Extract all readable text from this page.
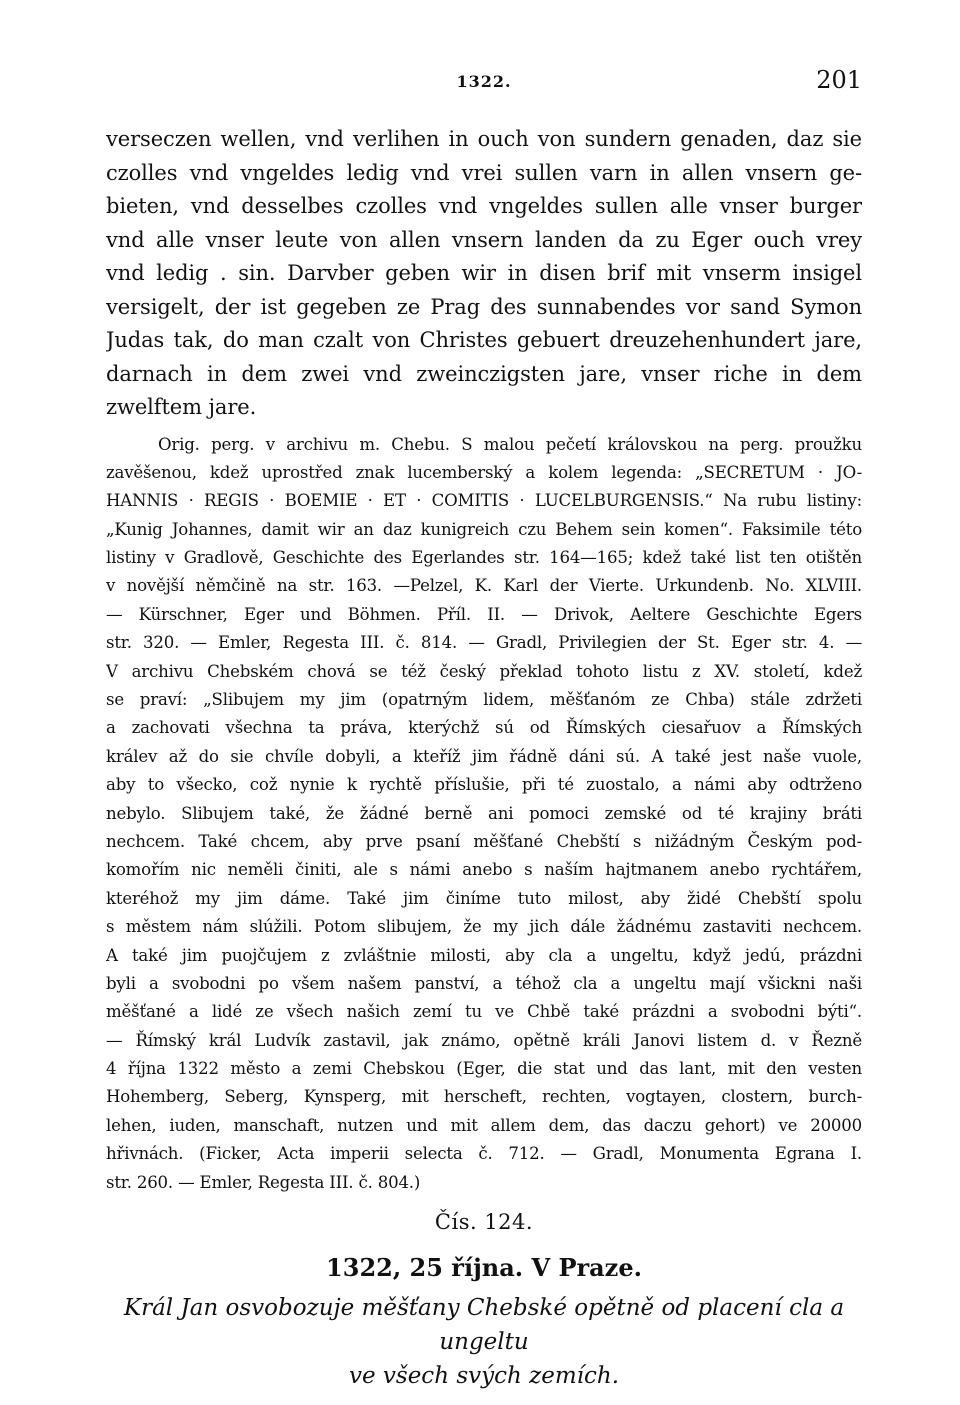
1322.	201
verseczen wellen, vnd verlihen in ouch von sundern genaden, daz sie
czolles vnd vngeldes ledig vnd vrei sullen varn in allen vnsern ge-
bieten, vnd desselbes czolles vnd vngeldes sullen alle vnser burger
vnd alle vnser leute von allen vnsern landen da zu Eger ouch vrey
vnd ledig . sin. Darvber geben wir in disen brif mit vnserm insigel
versigelt, der ist gegeben ze Prag des sunnabendes vor sand Symon
Judas tak, do man czalt von Christes gebuert dreuzehenhundert jare,
darnach in dem zwei vnd zweinczigsten jare, vnser riche in dem
zwelftem jare.
Orig. perg. v archivu m. Chebu. S malou pečetí královskou na perg. proužku
zavěšenou, kdež uprostřed znak lucemberský a kolem legenda: „SECRETUM · JO-
HANNIS · REGIS · BOEMIE · ET · COMITIS · LUCELBURGENSIS.“ Na rubu listiny:
„Kunig Johannes, damit wir an daz kunigreich czu Behem sein komen“. Faksimile této
listiny v Gradlově, Geschichte des Egerlandes str. 164—165; kdež také list ten otištěn
v novější němčině na str. 163. —Pelzel, K. Karl der Vierte. Urkundenb. No. XLVIII.
— Kürschner, Eger und Böhmen. Příl. II. — Drivok, Aeltere Geschichte Egers
str. 320. — Emler, Regesta III. č. 814. — Gradl, Privilegien der St. Eger str. 4. —
V archivu Chebském chová se též český překlad tohoto listu z XV. století, kdež
se praví: „Slibujem my jim (opatrným lidem, měšťanóm ze Chba) stále zdržeti
a zachovati všechna ta práva, kterýchž sú od Římských ciesařuov a Římských
králev až do sie chvíle dobyli, a kteříž jim řádně dáni sú. A také jest naše vuole,
aby to všecko, což nynie k rychtě příslušie, při té zuostalo, a námi aby odtrženo
nebylo. Slibujem také, že žádné berně ani pomoci zemské od té krajiny bráti
nechcem. Také chcem, aby prve psaní měšťané Chebští s nižádným Českým pod-
komořím nic neměli činiti, ale s námi anebo s naším hajtmanem anebo rychtářem,
kteréhož my jim dáme. Také jim činíme tuto milost, aby židé Chebští spolu
s městem nám slúžili. Potom slibujem, že my jich dále žádnému zastaviti nechcem.
A také jim puojčujem z zvláštnie milosti, aby cla a ungeltu, když jedú, prázdni
byli a svobodni po všem našem panství, a téhož cla a ungeltu mají všickni naši
měšťané a lidé ze všech našich zemí tu ve Chbě také prázdni a svobodni býti“.
— Římský král Ludvík zastavil, jak známo, opětně králi Janovi listem d. v Řezně
4 října 1322 město a zemi Chebskou (Eger, die stat und das lant, mit den vesten
Hohemberg, Seberg, Kynsperg, mit herscheft, rechten, vogtayen, clostern, burch-
lehen, iuden, manschaft, nutzen und mit allem dem, das daczu gehort) ve 20000
hřivnách. (Ficker, Acta imperii selecta č. 712. — Gradl, Monumenta Egrana I.
str. 260. — Emler, Regesta III. č. 804.)
Čís. 124.
1322, 25 října. V Praze.
Král Jan osvobozuje měšťany Chebské opětně od placení cla a ungeltu
ve všech svých zemích.
